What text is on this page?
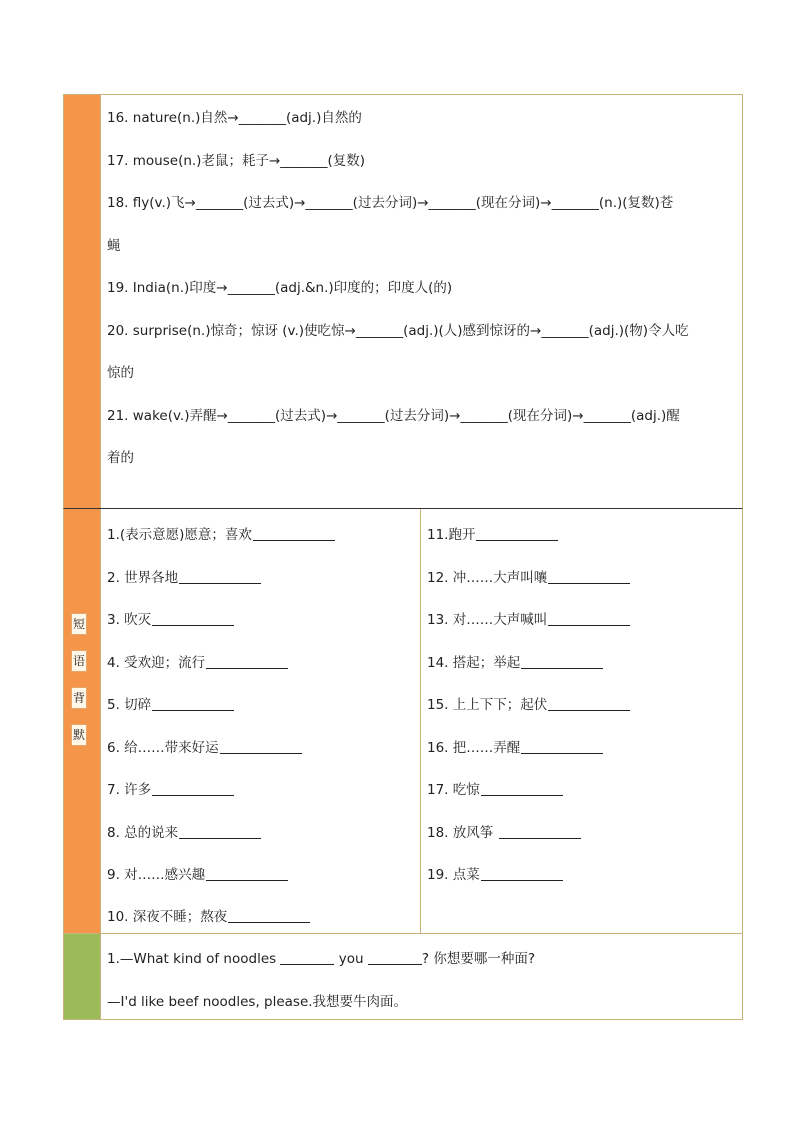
16. nature(n.)自然→_______(adj.)自然的
17. mouse(n.)老鼠；耗子→_______(复数)
18. fly(v.)飞→_______(过去式)→_______(过去分词)→_______(现在分词)→_______(n.)(复数)苍
蝇
19. India(n.)印度→_______(adj.&n.)印度的；印度人(的)
20. surprise(n.)惊奇；惊讶 (v.)使吃惊→_______(adj.)(人)感到惊讶的→_______(adj.)(物)令人吃
惊的
21. wake(v.)弄醒→_______(过去式)→_______(过去分词)→_______(现在分词)→_______(adj.)醒
着的
短
语
背
默
1.(表示意愿)愿意；喜欢
2. 世界各地
3. 吹灭
4. 受欢迎；流行
5. 切碎
6. 给……带来好运
7. 许多
8. 总的说来
9. 对……感兴趣
10. 深夜不睡；熬夜
11.跑开
12. 冲……大声叫嚷
13. 对……大声喊叫
14. 搭起；举起
15. 上上下下；起伏
16. 把……弄醒
17. 吃惊
18. 放风筝
19. 点菜
1.—What kind of noodles	you	? 你想要哪一种面?
—I'd like beef noodles, please.我想要牛肉面。
